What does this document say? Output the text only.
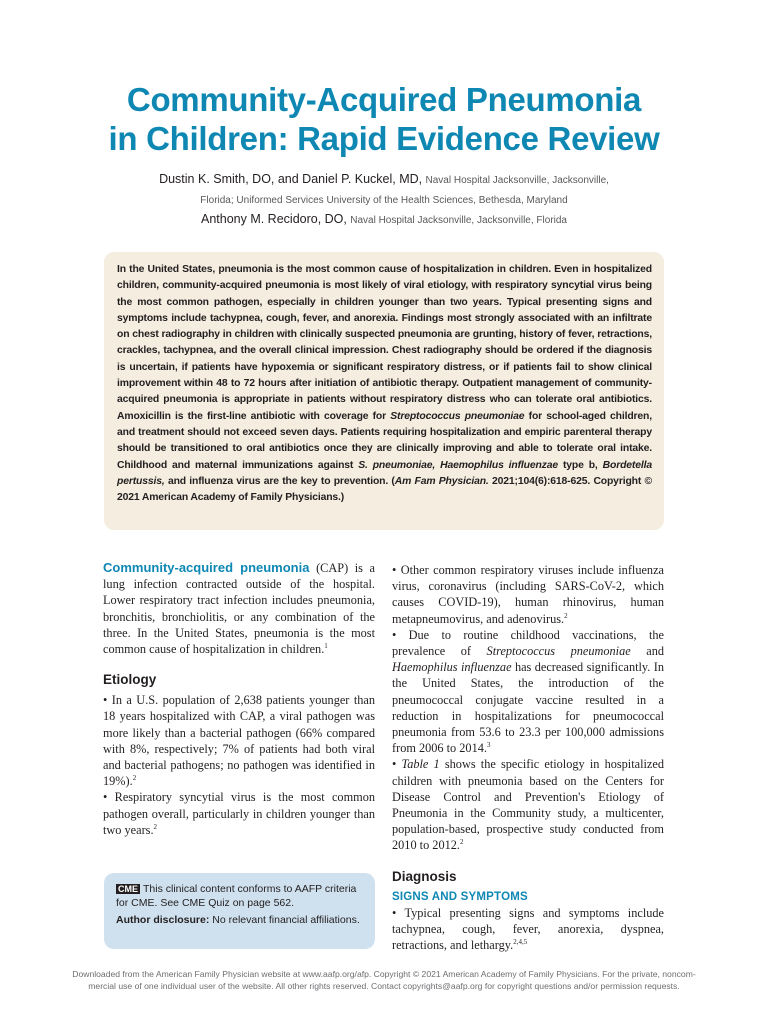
Community-Acquired Pneumonia
in Children: Rapid Evidence Review
Dustin K. Smith, DO, and Daniel P. Kuckel, MD, Naval Hospital Jacksonville, Jacksonville,
Florida; Uniformed Services University of the Health Sciences, Bethesda, Maryland
Anthony M. Recidoro, DO, Naval Hospital Jacksonville, Jacksonville, Florida

In the United States, pneumonia is the most common cause of hospitalization in children. Even in hospitalized children, community-acquired pneumonia is most likely of viral etiology, with respiratory syncytial virus being the most common pathogen, especially in children younger than two years. Typical presenting signs and symptoms include tachypnea, cough, fever, and anorexia. Findings most strongly associated with an infiltrate on chest radiography in children with clinically suspected pneumonia are grunting, history of fever, retractions, crackles, tachypnea, and the overall clinical impression. Chest radiography should be ordered if the diagnosis is uncertain, if patients have hypoxemia or significant respiratory distress, or if patients fail to show clinical improvement within 48 to 72 hours after initiation of antibiotic therapy. Outpatient management of community-acquired pneumonia is appropriate in patients without respiratory distress who can tolerate oral antibiotics. Amoxicillin is the first-line antibiotic with coverage for Streptococcus pneumoniae for school-aged children, and treatment should not exceed seven days. Patients requiring hospitalization and empiric parenteral therapy should be transitioned to oral antibiotics once they are clinically improving and able to tolerate oral intake. Childhood and maternal immunizations against S. pneumoniae, Haemophilus influenzae type b, Bordetella pertussis, and influenza virus are the key to prevention. (Am Fam Physician. 2021;104(6):618-625. Copyright © 2021 American Academy of Family Physicians.)

Community-acquired pneumonia (CAP) is a lung infection contracted outside of the hospital. Lower respiratory tract infection includes pneumonia, bronchitis, bronchiolitis, or any combination of the three. In the United States, pneumonia is the most common cause of hospitalization in children.$^1$

Etiology

• In a U.S. population of 2,638 patients younger than 18 years hospitalized with CAP, a viral pathogen was more likely than a bacterial pathogen (66% compared with 8%, respectively; 7% of patients had both viral and bacterial pathogens; no pathogen was identified in 19%).$^2$

• Respiratory syncytial virus is the most common pathogen overall, particularly in children younger than two years.$^2$

• Other common respiratory viruses include influenza virus, coronavirus (including SARS-CoV-2, which causes COVID-19), human rhinovirus, human metapneumovirus, and adenovirus.$^2$

• Due to routine childhood vaccinations, the prevalence of Streptococcus pneumoniae and Haemophilus influenzae has decreased significantly. In the United States, the introduction of the pneumococcal conjugate vaccine resulted in a reduction in hospitalizations for pneumococcal pneumonia from 53.6 to 23.3 per 100,000 admissions from 2006 to 2014.$^3$

• Table 1 shows the specific etiology in hospitalized children with pneumonia based on the Centers for Disease Control and Prevention's Etiology of Pneumonia in the Community study, a multicenter, population-based, prospective study conducted from 2010 to 2012.$^2$

Diagnosis
SIGNS AND SYMPTOMS

• Typical presenting signs and symptoms include tachypnea, cough, fever, anorexia, dyspnea, retractions, and lethargy.$^{2,4,5}$

CME This clinical content conforms to AAFP criteria for CME. See CME Quiz on page 562.
Author disclosure: No relevant financial affiliations.
Downloaded from the American Family Physician website at www.aafp.org/afp. Copyright © 2021 American Academy of Family Physicians. For the private, noncom-
mercial use of one individual user of the website. All other rights reserved. Contact copyrights@aafp.org for copyright questions and/or permission requests.
